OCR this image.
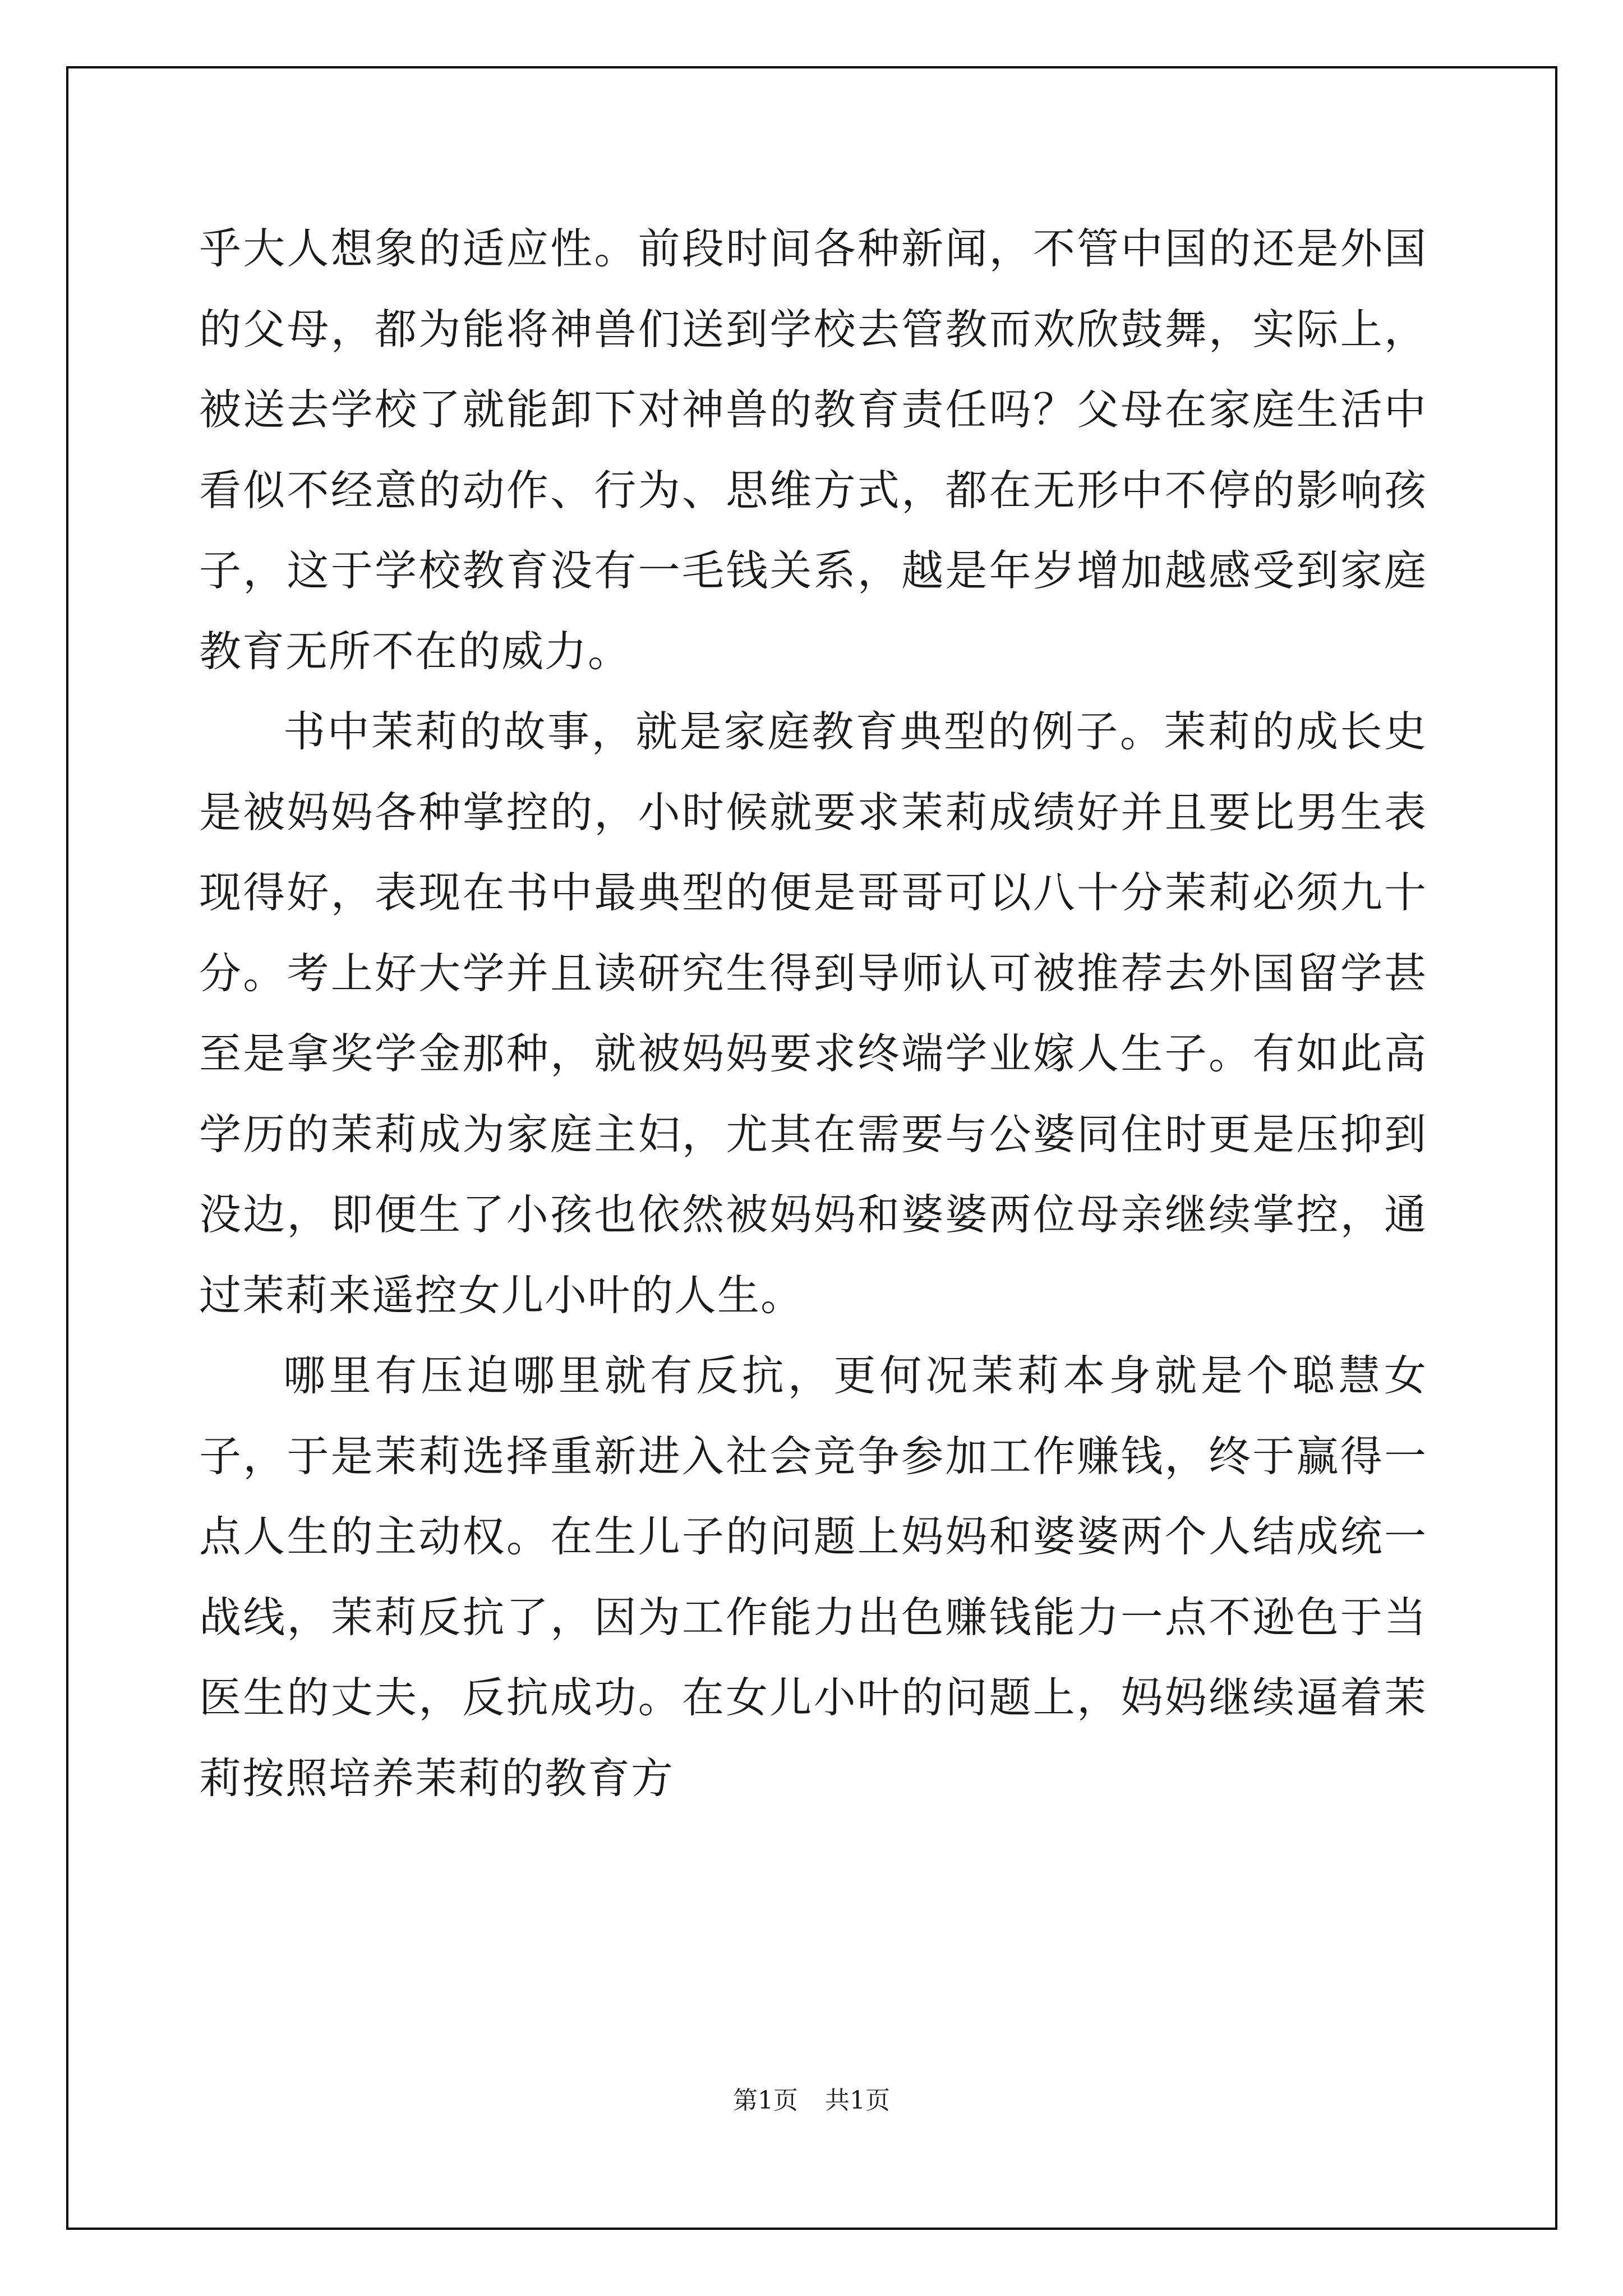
乎大人想象的适应性。前段时间各种新闻，不管中国的还是外国的父母，都为能将神兽们送到学校去管教而欢欣鼓舞，实际上，被送去学校了就能卸下对神兽的教育责任吗？父母在家庭生活中看似不经意的动作、行为、思维方式，都在无形中不停的影响孩子，这于学校教育没有一毛钱关系，越是年岁增加越感受到家庭教育无所不在的威力。

书中茉莉的故事，就是家庭教育典型的例子。茉莉的成长史是被妈妈各种掌控的，小时候就要求茉莉成绩好并且要比男生表现得好，表现在书中最典型的便是哥哥可以八十分茉莉必须九十分。考上好大学并且读研究生得到导师认可被推荐去外国留学甚至是拿奖学金那种，就被妈妈要求终端学业嫁人生子。有如此高学历的茉莉成为家庭主妇，尤其在需要与公婆同住时更是压抑到没边，即便生了小孩也依然被妈妈和婆婆两位母亲继续掌控，通过茉莉来遥控女儿小叶的人生。

哪里有压迫哪里就有反抗，更何况茉莉本身就是个聪慧女子，于是茉莉选择重新进入社会竞争参加工作赚钱，终于赢得一点人生的主动权。在生儿子的问题上妈妈和婆婆两个人结成统一战线，茉莉反抗了，因为工作能力出色赚钱能力一点不逊色于当医生的丈夫，反抗成功。在女儿小叶的问题上，妈妈继续逼着茉莉按照培养茉莉的教育方

第1页 共1页
